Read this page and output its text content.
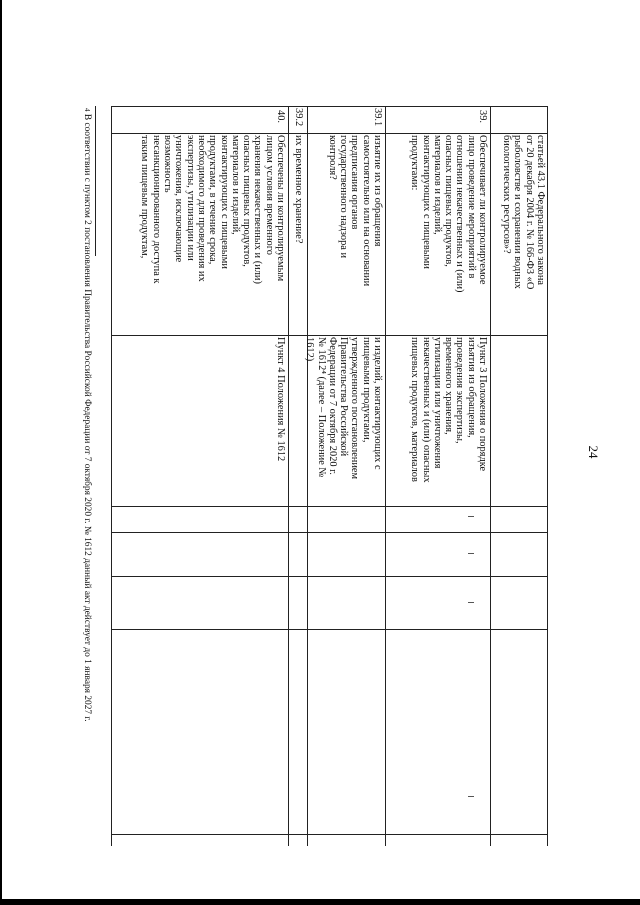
24
статьей 43.1 Федерального закона
от 20 декабря 2004 г. № 166-ФЗ «О
рыболовстве и сохранении водных
биологических ресурсов»?
39.
Обеспечивает ли контролируемое
лицо проведение мероприятий в
отношении некачественных и (или)
опасных пищевых продуктов,
материалов и изделий,
контактирующих с пищевыми
продуктами:
Пункт 3 Положения о порядке
изъятия из обращения,
проведения экспертизы,
временного хранения,
утилизации или уничтожения
некачественных и (или) опасных
пищевых продуктов, материалов
39.1
изъятие их из обращения
самостоятельно или на основании
предписания органов
государственного надзора и
контроля?
и изделий, контактирующих с
пищевыми продуктами,
утвержденного постановлением
Правительства Российской
Федерации от 7 октября 2020 г.
№ 1612⁴ (далее – Положение №
1612)
39.2
их временное хранение?
40.
Обеспечены ли контролируемым
лицом условия временного
хранения некачественных и (или)
опасных пищевых продуктов,
материалов и изделий,
контактирующих с пищевыми
продуктами, в течение срока,
необходимого для проведения их
экспертизы, утилизации или
уничтожения, исключающие
возможность
несанкционированного доступа к
таким пищевым продуктам,
Пункт 4 Положения № 1612
$^4$ В соответствии с пунктом 2 постановления Правительства Российской Федерации от 7 октября 2020 г. № 1612 данный акт действует до 1 января 2027 г.
